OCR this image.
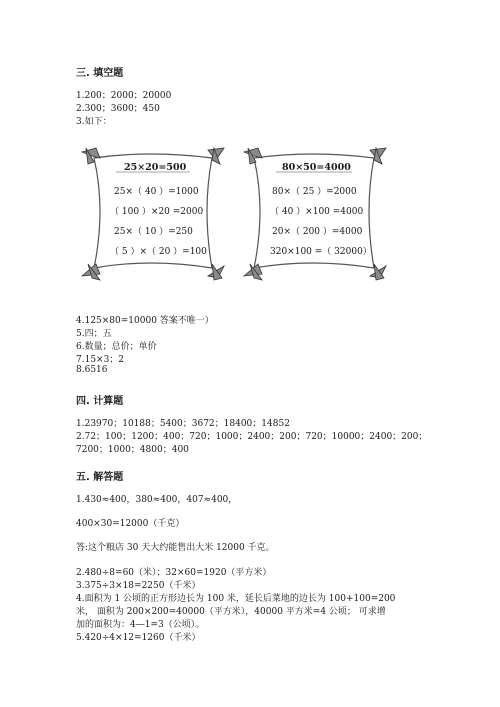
三. 填空题
1.200；2000；20000
2.300；3600；450
3.如下：
25×20=500
25×（ 40 ）=1000
（ 100 ）×20 =2000
25×（ 10 ）=250
（ 5 ）×（ 20 ）=100
80×50=4000
80×（ 25 ）=2000
（ 40 ）×100 =4000
20×（ 200 ）=4000
320×100 =（ 32000）
4.125×80=10000 答案不唯一）
5.四；五
6.数量；总价；单价
7.15×3；2
8.6516
四. 计算题
1.23970；10188；5400；3672；18400；14852
2.72；100；1200；400；720；1000；2400；200；720；10000；2400；200；
7200；1000；4800；400
五. 解答题
1.430≈400，380≈400，407≈400，
400×30=12000（千克）
答:这个粮店 30 天大约能售出大米 12000 千克。
2.480÷8=60（米）；32×60=1920（平方米）
3.375÷3×18=2250（千米）
4.面积为 1 公顷的正方形边长为 100 米，延长后菜地的边长为 100+100=200
米， 面积为 200×200=40000（平方米），40000 平方米=4 公顷； 可求增
加的面积为：4—1=3（公顷）。
5.420÷4×12=1260（千米）
